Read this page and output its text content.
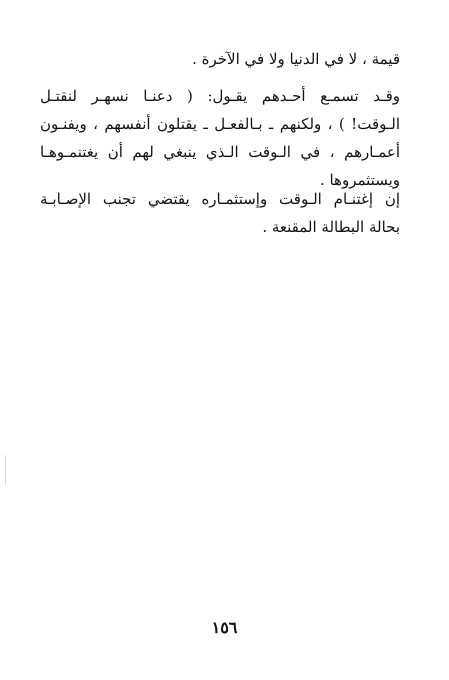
قيمة ، لا في الدنيا ولا في الآخرة .
وقـد تسمـع أحـدهم يقـول: ( دعنـا نسهـر لنقتـل
الـوقت! ) ، ولكنهم ـ بـالفعـل ـ يقتلون أنفسهم ، ويفنـون
أعمـارهم ، في الـوقت الـذي ينبغي لهم أن يغتنمـوهـا
ويستثمروها .
إن إغتنـام الـوقت وإستثمـاره يقتضي تجنب الإصـابـة
بحالة البطالة المقنعة .
١٥٦
